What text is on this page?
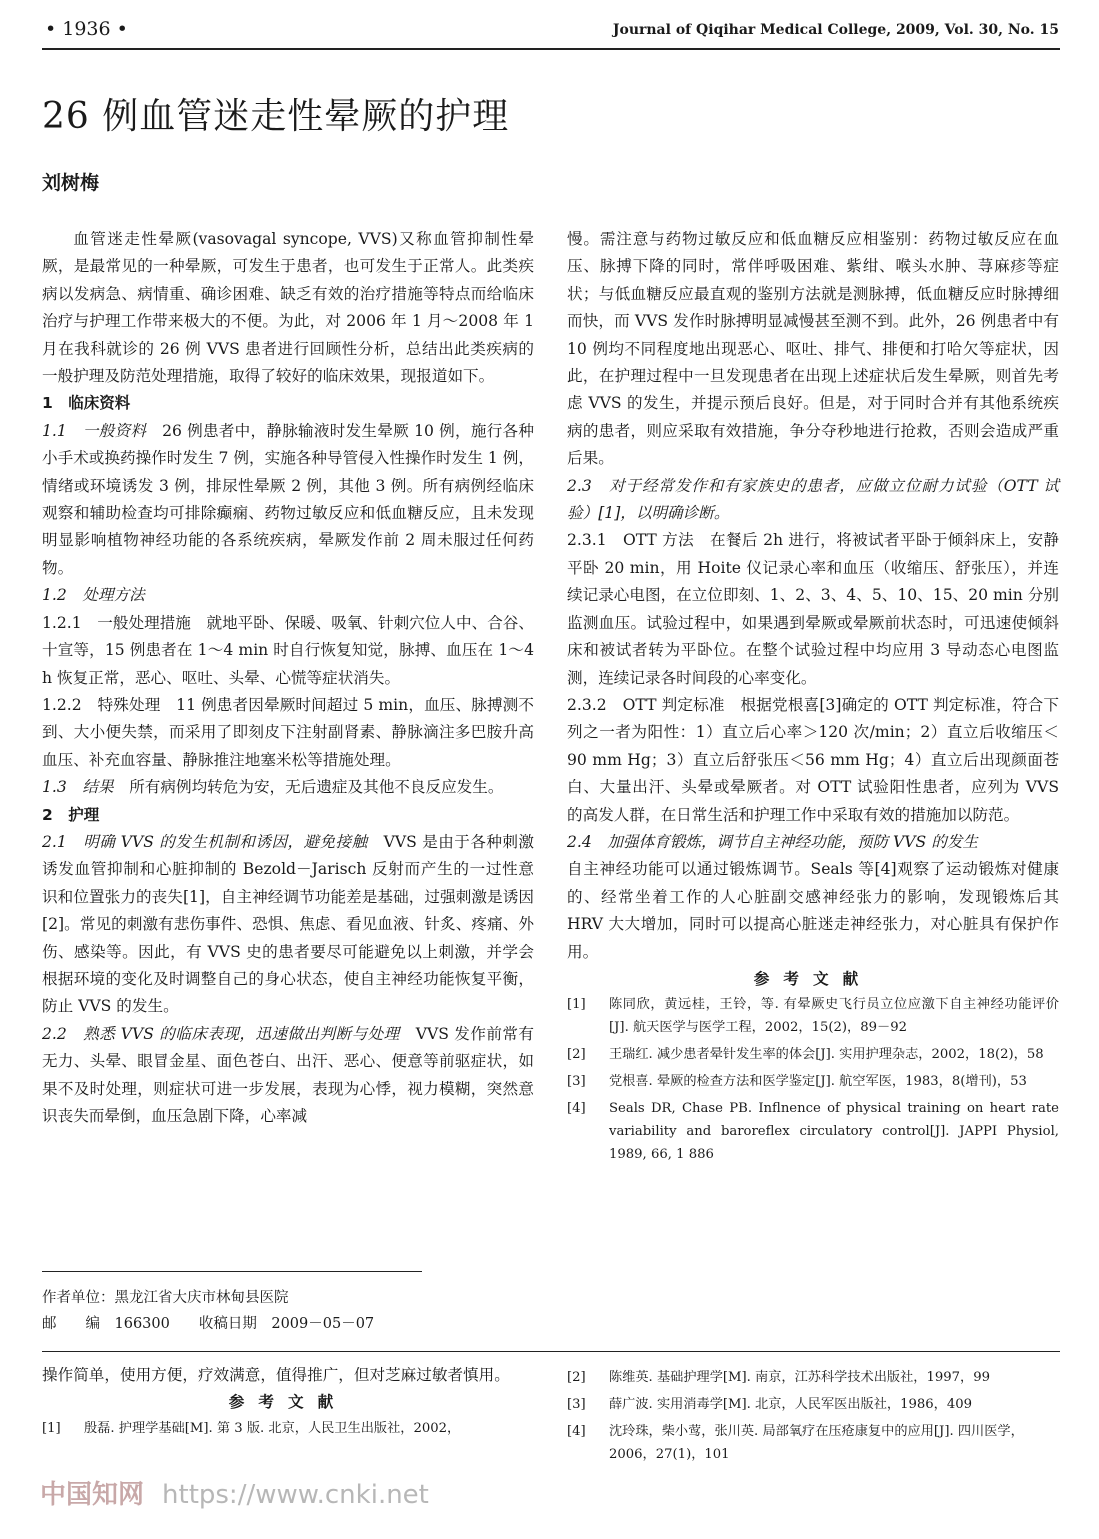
• 1936 •	Journal of Qiqihar Medical College, 2009, Vol. 30, No. 15
26 例血管迷走性晕厥的护理
刘树梅

血管迷走性晕厥(vasovagal syncope, VVS)又称血管抑制性晕厥，是最常见的一种晕厥，可发生于患者，也可发生于正常人。此类疾病以发病急、病情重、确诊困难、缺乏有效的治疗措施等特点而给临床治疗与护理工作带来极大的不便。为此，对 2006 年 1 月～2008 年 1 月在我科就诊的 26 例 VVS 患者进行回顾性分析，总结出此类疾病的一般护理及防范处理措施，取得了较好的临床效果，现报道如下。

1　临床资料

1.1　一般资料　 26 例患者中，静脉输液时发生晕厥 10 例，施行各种小手术或换药操作时发生 7 例，实施各种导管侵入性操作时发生 1 例，情绪或环境诱发 3 例，排尿性晕厥 2 例，其他 3 例。所有病例经临床观察和辅助检查均可排除癫痫、药物过敏反应和低血糖反应，且未发现明显影响植物神经功能的各系统疾病，晕厥发作前 2 周未服过任何药物。

1.2　处理方法

1.2.1　一般处理措施　 就地平卧、保暖、吸氧、针刺穴位人中、合谷、十宣等，15 例患者在 1～4 min 时自行恢复知觉，脉搏、血压在 1～4 h 恢复正常，恶心、呕吐、头晕、心慌等症状消失。

1.2.2　特殊处理　 11 例患者因晕厥时间超过 5 min，血压、脉搏测不到、大小便失禁，而采用了即刻皮下注射副肾素、静脉滴注多巴胺升高血压、补充血容量、静脉推注地塞米松等措施处理。

1.3　结果　 所有病例均转危为安，无后遗症及其他不良反应发生。

2　护理

2.1　明确 VVS 的发生机制和诱因，避免接触　 VVS 是由于各种刺激诱发血管抑制和心脏抑制的 Bezold－Jarisch 反射而产生的一过性意识和位置张力的丧失[1]，自主神经调节功能差是基础，过强刺激是诱因[2]。常见的刺激有悲伤事件、恐惧、焦虑、看见血液、针炙、疼痛、外伤、感染等。因此，有 VVS 史的患者要尽可能避免以上刺激，并学会根据环境的变化及时调整自己的身心状态，使自主神经功能恢复平衡，防止 VVS 的发生。

2.2　熟悉 VVS 的临床表现，迅速做出判断与处理　 VVS 发作前常有无力、头晕、眼冒金星、面色苍白、出汗、恶心、便意等前驱症状，如果不及时处理，则症状可进一步发展，表现为心悸，视力模糊，突然意识丧失而晕倒，血压急剧下降，心率减

作者单位：黑龙江省大庆市林甸县医院
邮　　编　 166300　　 收稿日期　 2009－05－07

慢。需注意与药物过敏反应和低血糖反应相鉴别：药物过敏反应在血压、脉搏下降的同时，常伴呼吸困难、紫绀、喉头水肿、荨麻疹等症状；与低血糖反应最直观的鉴别方法就是测脉搏，低血糖反应时脉搏细而快，而 VVS 发作时脉搏明显减慢甚至测不到。此外，26 例患者中有 10 例均不同程度地出现恶心、呕吐、排气、排便和打哈欠等症状，因此，在护理过程中一旦发现患者在出现上述症状后发生晕厥，则首先考虑 VVS 的发生，并提示预后良好。但是，对于同时合并有其他系统疾病的患者，则应采取有效措施，争分夺秒地进行抢救，否则会造成严重后果。

2.3　对于经常发作和有家族史的患者，应做立位耐力试验（OTT 试验）[1]，以明确诊断。

2.3.1　OTT 方法　 在餐后 2h 进行，将被试者平卧于倾斜床上，安静平卧 20 min，用 Hoite 仪记录心率和血压（收缩压、舒张压），并连续记录心电图，在立位即刻、1、2、3、4、5、10、15、20 min 分别监测血压。试验过程中，如果遇到晕厥或晕厥前状态时，可迅速使倾斜床和被试者转为平卧位。在整个试验过程中均应用 3 导动态心电图监测，连续记录各时间段的心率变化。

2.3.2　OTT 判定标准　 根据党根喜[3]确定的 OTT 判定标准，符合下列之一者为阳性：1）直立后心率＞120 次/min；2）直立后收缩压＜90 mm Hg；3）直立后舒张压＜56 mm Hg；4）直立后出现颜面苍白、大量出汗、头晕或晕厥者。对 OTT 试验阳性患者，应列为 VVS 的高发人群，在日常生活和护理工作中采取有效的措施加以防范。

2.4　加强体育锻炼，调节自主神经功能，预防 VVS 的发生

自主神经功能可以通过锻炼调节。Seals 等[4]观察了运动锻炼对健康的、经常坐着工作的人心脏副交感神经张力的影响，发现锻炼后其 HRV 大大增加，同时可以提高心脏迷走神经张力，对心脏具有保护作用。

参考文献

[1]	陈同欣，黄远桂，王铃，等. 有晕厥史飞行员立位应激下自主神经功能评价[J]. 航天医学与医学工程，2002，15(2)，89－92
[2]	王瑞红. 减少患者晕针发生率的体会[J]. 实用护理杂志，2002，18(2)，58
[3]	党根喜. 晕厥的检查方法和医学鉴定[J]. 航空军医，1983，8(增刊)，53
[4]	Seals DR, Chase PB. Inflnence of physical training on heart rate variability and baroreflex circulatory control[J]. JAPPI Physiol, 1989, 66, 1 886

操作简单，使用方便，疗效满意，值得推广，但对芝麻过敏者慎用。

参考文献

[1]	殷磊. 护理学基础[M]. 第 3 版. 北京，人民卫生出版社，2002，
[2]	陈维英. 基础护理学[M]. 南京，江苏科学技术出版社，1997，99
[3]	薛广波. 实用消毒学[M]. 北京，人民军医出版社，1986，409
[4]	沈玲珠，柴小莺，张川英. 局部氧疗在压疮康复中的应用[J]. 四川医学，2006，27(1)，101
中国知网 https://www.cnki.net
